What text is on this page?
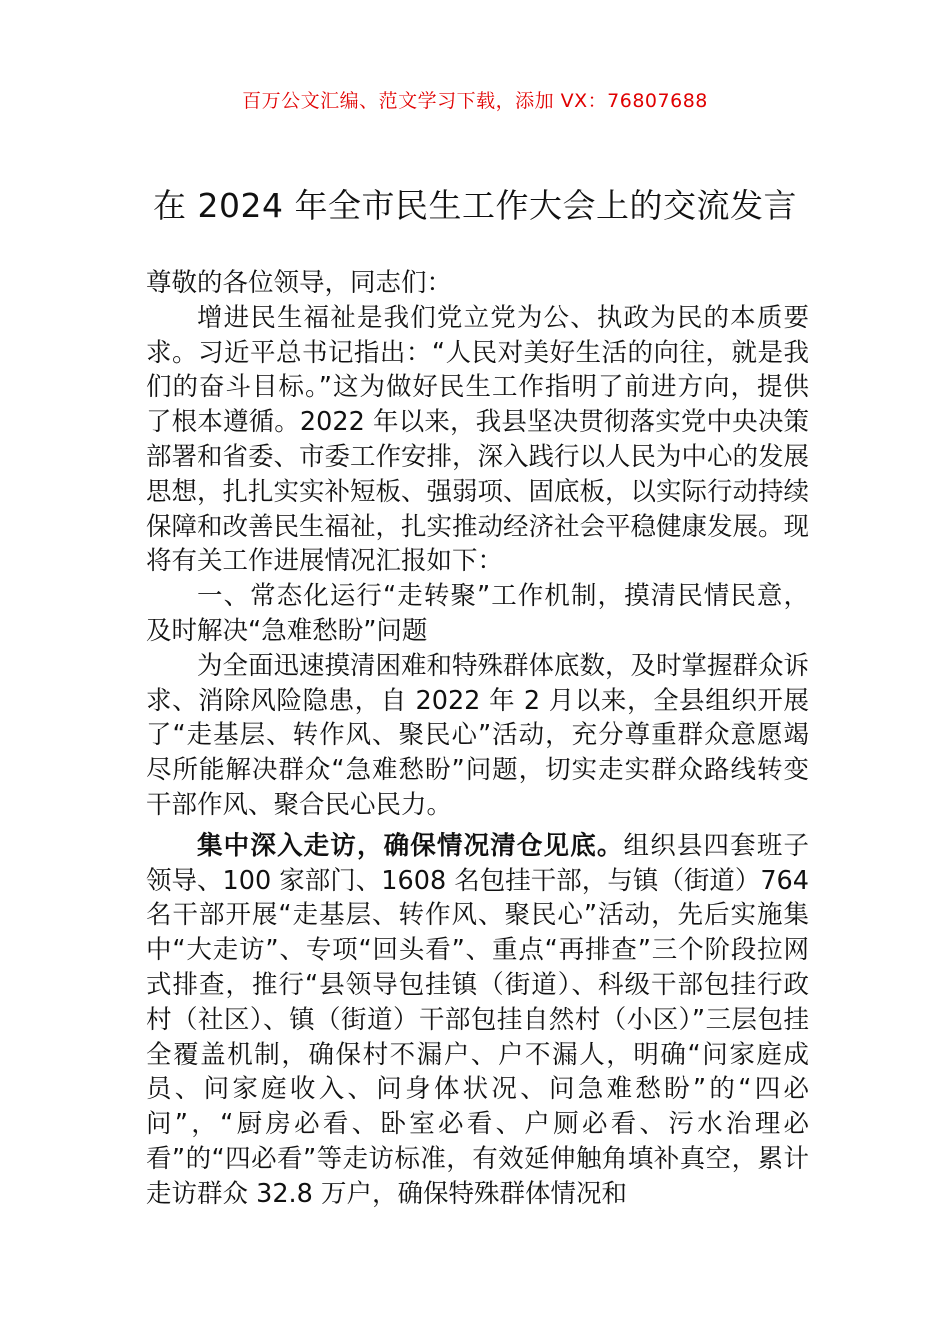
百万公文汇编、范文学习下载，添加 VX：76807688
在 2024 年全市民生工作大会上的交流发言

尊敬的各位领导，同志们：

增进民生福祉是我们党立党为公、执政为民的本质要求。习近平总书记指出：“人民对美好生活的向往，就是我们的奋斗目标。”这为做好民生工作指明了前进方向，提供了根本遵循。2022 年以来，我县坚决贯彻落实党中央决策部署和省委、市委工作安排，深入践行以人民为中心的发展思想，扎扎实实补短板、强弱项、固底板，以实际行动持续保障和改善民生福祉，扎实推动经济社会平稳健康发展。现将有关工作进展情况汇报如下：

一、常态化运行“走转聚”工作机制，摸清民情民意，及时解决“急难愁盼”问题

为全面迅速摸清困难和特殊群体底数，及时掌握群众诉求、消除风险隐患，自 2022 年 2 月以来，全县组织开展了“走基层、转作风、聚民心”活动，充分尊重群众意愿竭尽所能解决群众“急难愁盼”问题，切实走实群众路线转变干部作风、聚合民心民力。

集中深入走访，确保情况清仓见底。组织县四套班子领导、100 家部门、1608 名包挂干部，与镇（街道）764 名干部开展“走基层、转作风、聚民心”活动，先后实施集中“大走访”、专项“回头看”、重点“再排查”三个阶段拉网式排查，推行“县领导包挂镇（街道）、科级干部包挂行政村（社区）、镇（街道）干部包挂自然村（小区）”三层包挂全覆盖机制，确保村不漏户、户不漏人，明确“问家庭成员、问家庭收入、问身体状况、问急难愁盼”的“四必问”，“厨房必看、卧室必看、户厕必看、污水治理必看”的“四必看”等走访标准，有效延伸触角填补真空，累计走访群众 32.8 万户，确保特殊群体情况和
